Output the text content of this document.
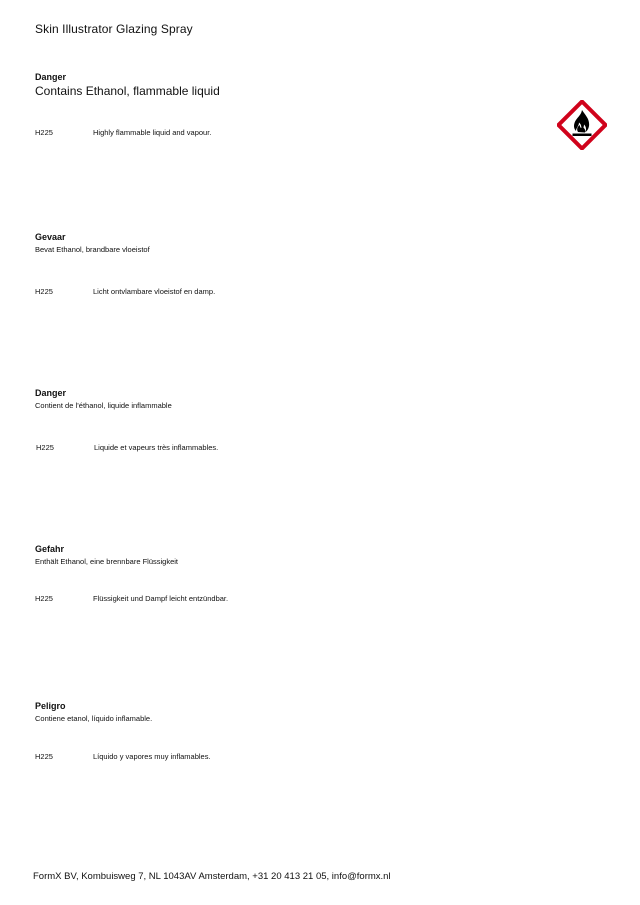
Skin Illustrator Glazing Spray
Danger
Contains Ethanol, flammable liquid
H225	Highly flammable liquid and vapour.
Gevaar
Bevat Ethanol, brandbare vloeistof
H225	Licht ontvlambare vloeistof en damp.
Danger
Contient de l’éthanol, liquide inflammable
H225	Liquide et vapeurs très inflammables.
Gefahr
Enthält Ethanol, eine brennbare Flüssigkeit
H225	Flüssigkeit und Dampf leicht entzündbar.
Peligro
Contiene etanol, líquido inflamable.
H225	Líquido y vapores muy inflamables.
FormX BV, Kombuisweg 7, NL 1043AV Amsterdam, +31 20 413 21 05, info@formx.nl
